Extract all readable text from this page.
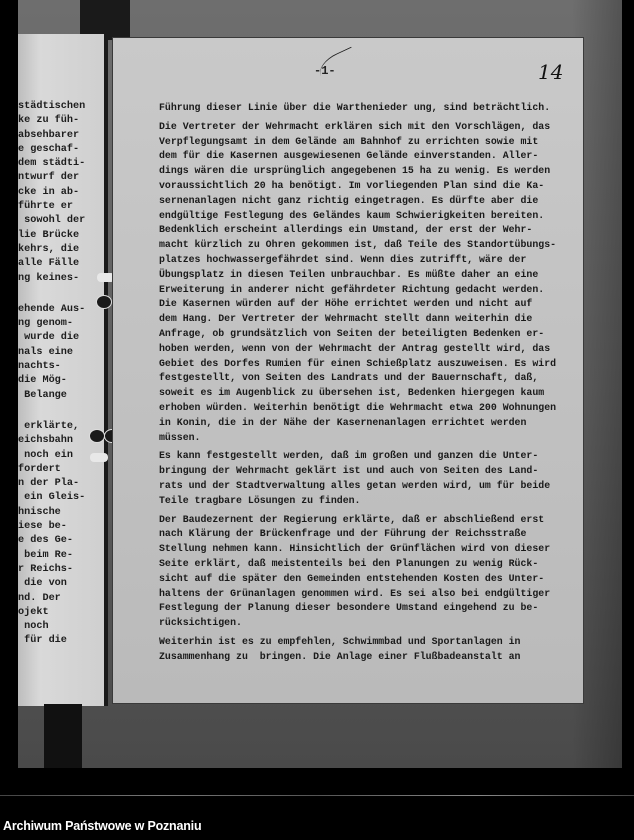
städtischen
ke zu füh-
absehbarer
e geschaf-
dem städti-
ntwurf der
cke in ab-
führte er
sowohl der
lie Brücke
kehrs, die
alle Fälle
ng keines-
ehende Aus-
ng genom-
wurde die
nals eine
nachts-
die Mög-
Belange
erklärte,
eichsbahn
noch ein
fordert
n der Pla-
ein Gleis-
hnische
iese be-
e des Ge-
beim Re-
r Reichs-
die von
nd. Der
ojekt
noch
für die
-1-	14
Führung dieser Linie über die Warthenieder ung, sind beträchtlich.
Die Vertreter der Wehrmacht erklären sich mit den Vorschlägen, das
Verpflegungsamt in dem Gelände am Bahnhof zu errichten sowie mit
dem für die Kasernen ausgewiesenen Gelände einverstanden. Aller-
dings wären die ursprünglich angegebenen 15 ha zu wenig. Es werden
voraussichtlich 20 ha benötigt. Im vorliegenden Plan sind die Ka-
sernenanlagen nicht ganz richtig eingetragen. Es dürfte aber die
endgültige Festlegung des Geländes kaum Schwierigkeiten bereiten.
Bedenklich erscheint allerdings ein Umstand, der erst der Wehr-
macht kürzlich zu Ohren gekommen ist, daß Teile des Standortübungs-
platzes hochwassergefährdet sind. Wenn dies zutrifft, wäre der
Übungsplatz in diesen Teilen unbrauchbar. Es müßte daher an eine
Erweiterung in anderer nicht gefährdeter Richtung gedacht werden.
Die Kasernen würden auf der Höhe errichtet werden und nicht auf
dem Hang. Der Vertreter der Wehrmacht stellt dann weiterhin die
Anfrage, ob grundsätzlich von Seiten der beteiligten Bedenken er-
hoben werden, wenn von der Wehrmacht der Antrag gestellt wird, das
Gebiet des Dorfes Rumien für einen Schießplatz auszuweisen. Es wird
festgestellt, von Seiten des Landrats und der Bauernschaft, daß,
soweit es im Augenblick zu übersehen ist, Bedenken hiergegen kaum
erhoben würden. Weiterhin benötigt die Wehrmacht etwa 200 Wohnungen
in Konin, die in der Nähe der Kasernenanlagen errichtet werden
müssen.
Es kann festgestellt werden, daß im großen und ganzen die Unter-
bringung der Wehrmacht geklärt ist und auch von Seiten des Land-
rats und der Stadtverwaltung alles getan werden wird, um für beide
Teile tragbare Lösungen zu finden.
Der Baudezernent der Regierung erklärte, daß er abschließend erst
nach Klärung der Brückenfrage und der Führung der Reichsstraße
Stellung nehmen kann. Hinsichtlich der Grünflächen wird von dieser
Seite erklärt, daß meistenteils bei den Planungen zu wenig Rück-
sicht auf die später den Gemeinden entstehenden Kosten des Unter-
haltens der Grünanlagen genommen wird. Es sei also bei endgültiger
Festlegung der Planung dieser besondere Umstand eingehend zu be-
rücksichtigen.
Weiterhin ist es zu empfehlen, Schwimmbad und Sportanlagen in
Zusammenhang zu  bringen. Die Anlage einer Flußbadeanstalt an
Archiwum Państwowe w Poznaniu
